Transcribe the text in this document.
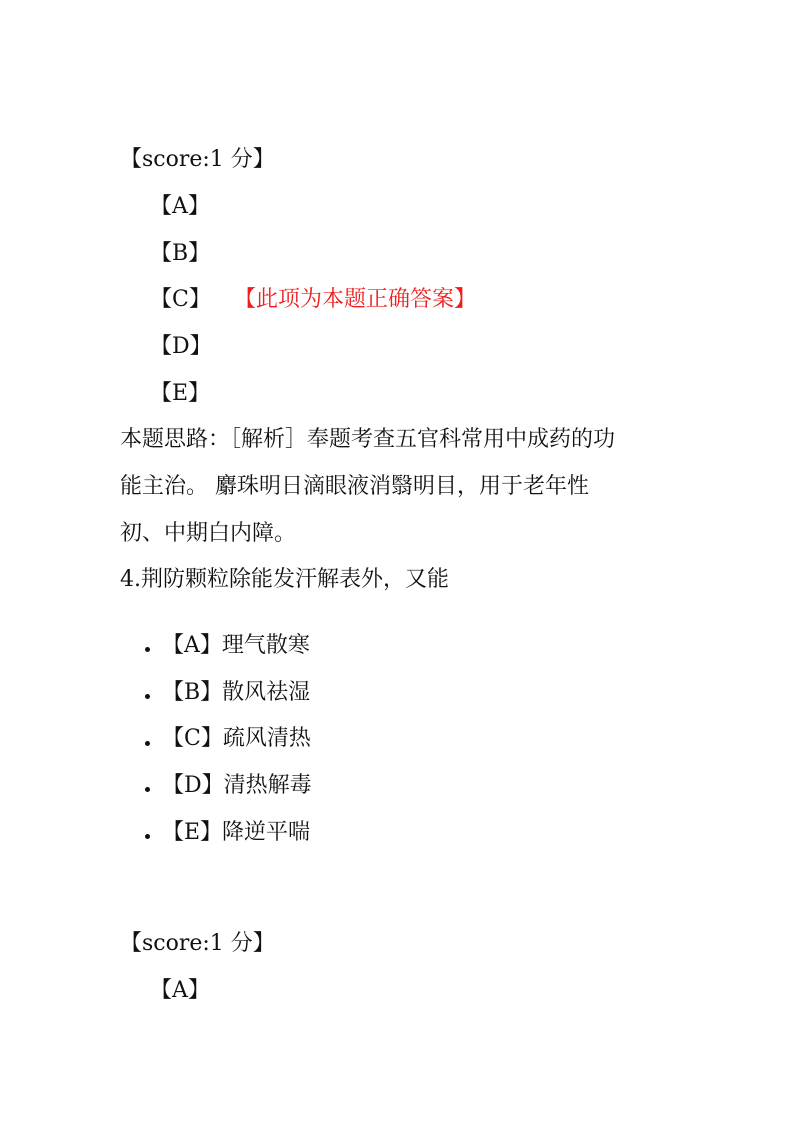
【score:1 分】
【A】
【B】
【C】 【此项为本题正确答案】
【D】
【E】
本题思路：［解析］奉题考查五官科常用中成药的功
能主治。 麝珠明日滴眼液消翳明目，用于老年性
初、中期白内障。
4.荆防颗粒除能发汗解表外，又能
【A】理气散寒
【B】散风祛湿
【C】疏风清热
【D】清热解毒
【E】降逆平喘
【score:1 分】
【A】
